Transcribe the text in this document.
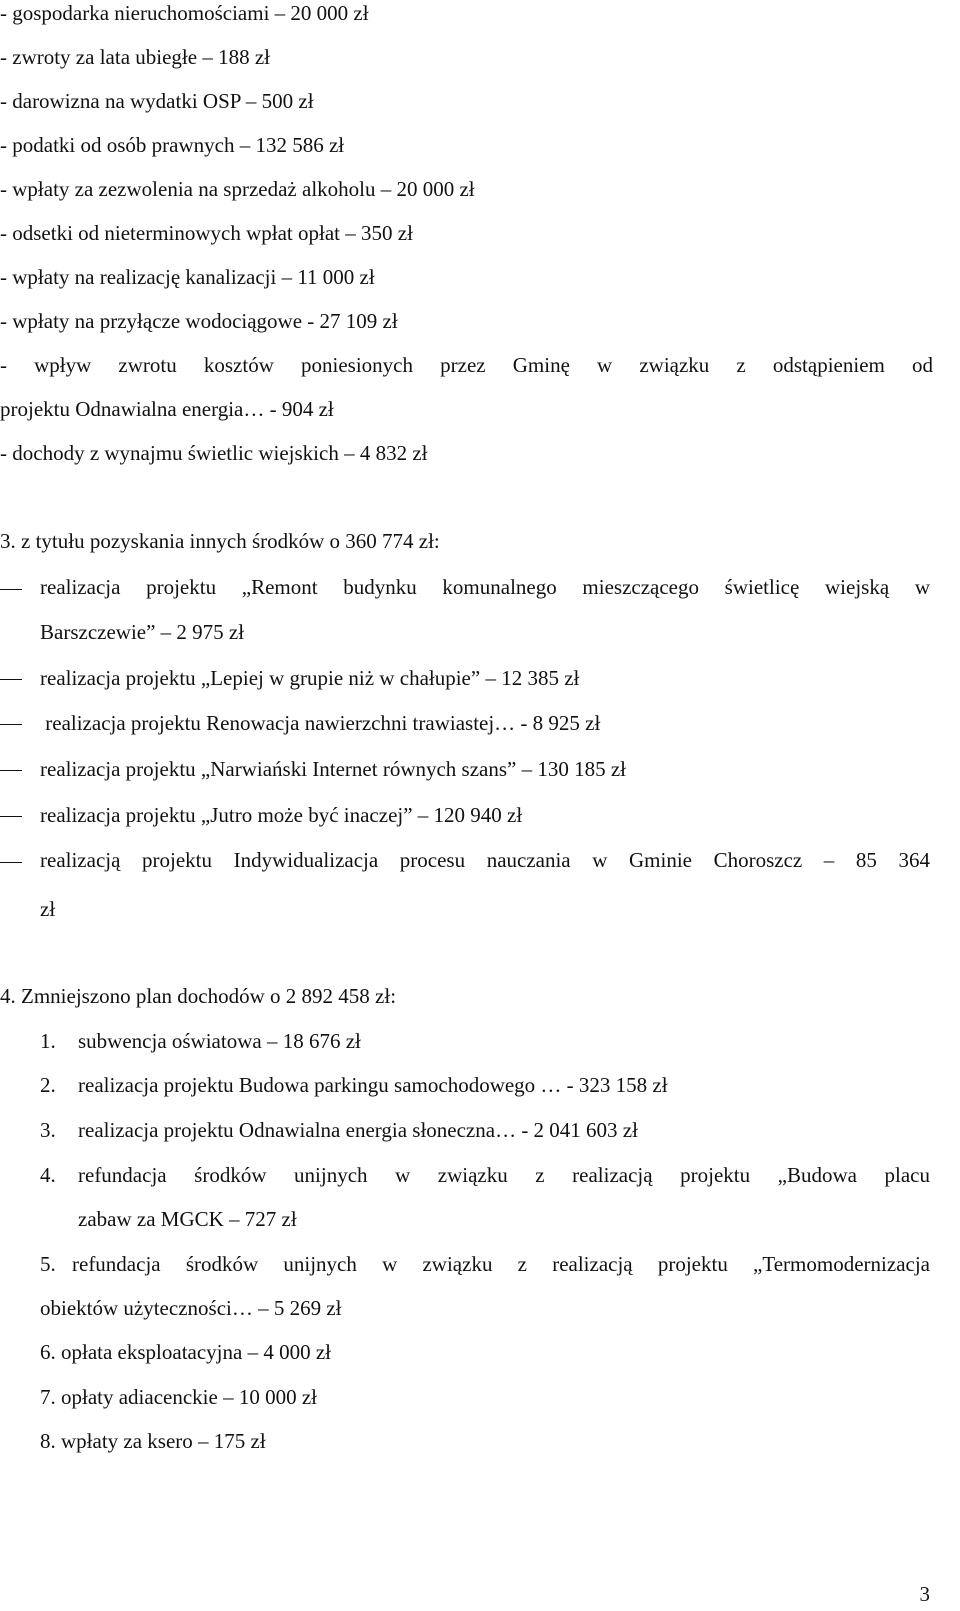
- gospodarka nieruchomościami – 20 000 zł
- zwroty za lata ubiegłe – 188 zł
- darowizna na wydatki OSP – 500 zł
- podatki od osób prawnych – 132 586 zł
- wpłaty za zezwolenia na sprzedaż alkoholu – 20 000 zł
- odsetki od nieterminowych wpłat opłat – 350 zł
- wpłaty na realizację kanalizacji – 11 000 zł
- wpłaty na przyłącze wodociągowe - 27 109 zł
- wpływ zwrotu kosztów poniesionych przez Gminę w związku z odstąpieniem od
projektu Odnawialna energia… - 904 zł
- dochody z wynajmu świetlic wiejskich – 4 832 zł
3. z tytułu pozyskania innych środków o 360 774 zł:
realizacja projektu „Remont budynku komunalnego mieszczącego świetlicę wiejską w
Barszczewie” – 2 975 zł
realizacja projektu „Lepiej w grupie niż w chałupie” – 12 385 zł
realizacja projektu Renowacja nawierzchni trawiastej… - 8 925 zł
realizacja projektu „Narwiański Internet równych szans” – 130 185 zł
realizacja projektu „Jutro może być inaczej” – 120 940 zł
realizacją projektu Indywidualizacja procesu nauczania w Gminie Choroszcz – 85 364
zł
4. Zmniejszono plan dochodów o 2 892 458 zł:
1. subwencja oświatowa – 18 676 zł
2. realizacja projektu Budowa parkingu samochodowego … - 323 158 zł
3. realizacja projektu Odnawialna energia słoneczna… - 2 041 603 zł
4. refundacja środków unijnych w związku z realizacją projektu „Budowa placu
zabaw za MGCK – 727 zł
5. refundacja środków unijnych w związku z realizacją projektu „Termomodernizacja
obiektów użyteczności… – 5 269 zł
6. opłata eksploatacyjna – 4 000 zł
7. opłaty adiacenckie – 10 000 zł
8. wpłaty za ksero – 175 zł
3
